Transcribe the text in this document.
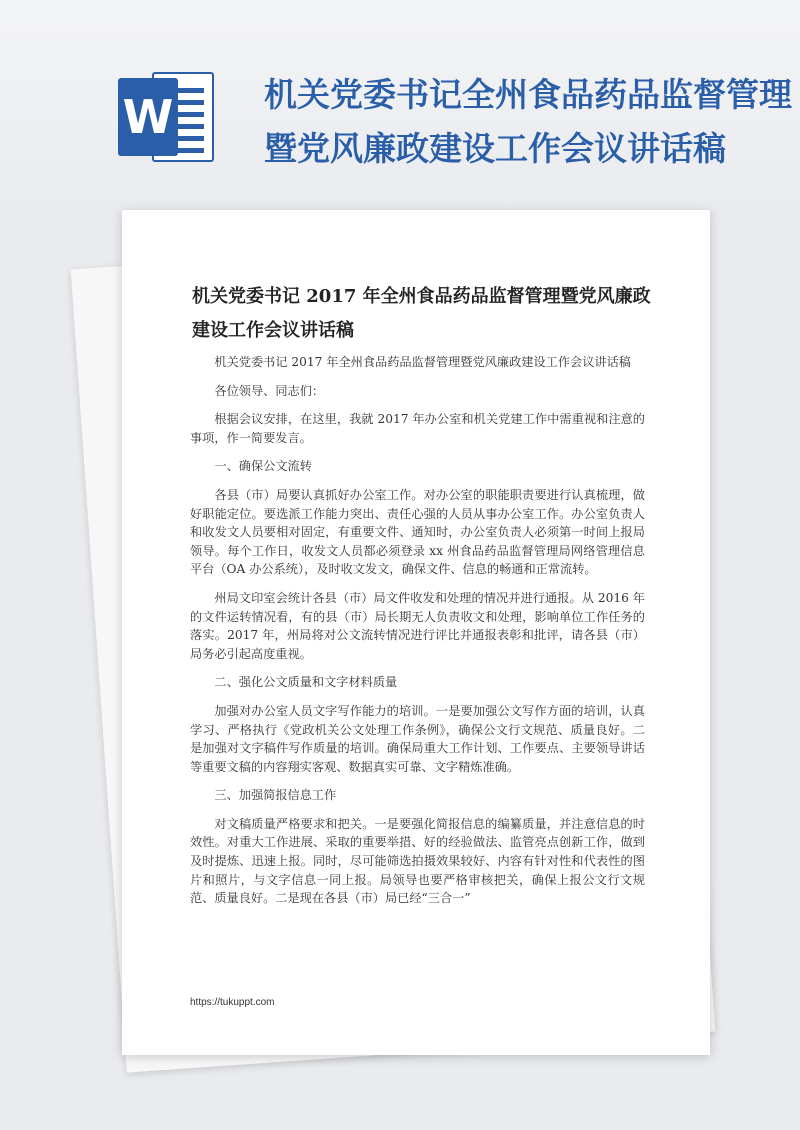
W	机关党委书记全州食品药品监督管理暨党风廉政建设工作会议讲话稿
机关党委书记 2017 年全州食品药品监督管理暨党风廉政建设工作会议讲话稿

机关党委书记 2017 年全州食品药品监督管理暨党风廉政建设工作会议讲话稿

各位领导、同志们：

根据会议安排，在这里，我就 2017 年办公室和机关党建工作中需重视和注意的事项，作一简要发言。

一、确保公文流转

各县（市）局要认真抓好办公室工作。对办公室的职能职责要进行认真梳理，做好职能定位。要选派工作能力突出、责任心强的人员从事办公室工作。办公室负责人和收发文人员要相对固定，有重要文件、通知时，办公室负责人必须第一时间上报局领导。每个工作日，收发文人员都必须登录 xx 州食品药品监督管理局网络管理信息平台（OA 办公系统），及时收文发文，确保文件、信息的畅通和正常流转。

州局文印室会统计各县（市）局文件收发和处理的情况并进行通报。从 2016 年的文件运转情况看，有的县（市）局长期无人负责收文和处理，影响单位工作任务的落实。2017 年，州局将对公文流转情况进行评比并通报表彰和批评，请各县（市）局务必引起高度重视。

二、强化公文质量和文字材料质量

加强对办公室人员文字写作能力的培训。一是要加强公文写作方面的培训，认真学习、严格执行《党政机关公文处理工作条例》，确保公文行文规范、质量良好。二是加强对文字稿件写作质量的培训。确保局重大工作计划、工作要点、主要领导讲话等重要文稿的内容翔实客观、数据真实可靠、文字精炼准确。

三、加强简报信息工作

对文稿质量严格要求和把关。一是要强化简报信息的编纂质量，并注意信息的时效性。对重大工作进展、采取的重要举措、好的经验做法、监管亮点创新工作，做到及时提炼、迅速上报。同时，尽可能筛选拍摄效果较好、内容有针对性和代表性的图片和照片，与文字信息一同上报。局领导也要严格审核把关，确保上报公文行文规范、质量良好。二是现在各县（市）局已经“三合一”

https://tukuppt.com
